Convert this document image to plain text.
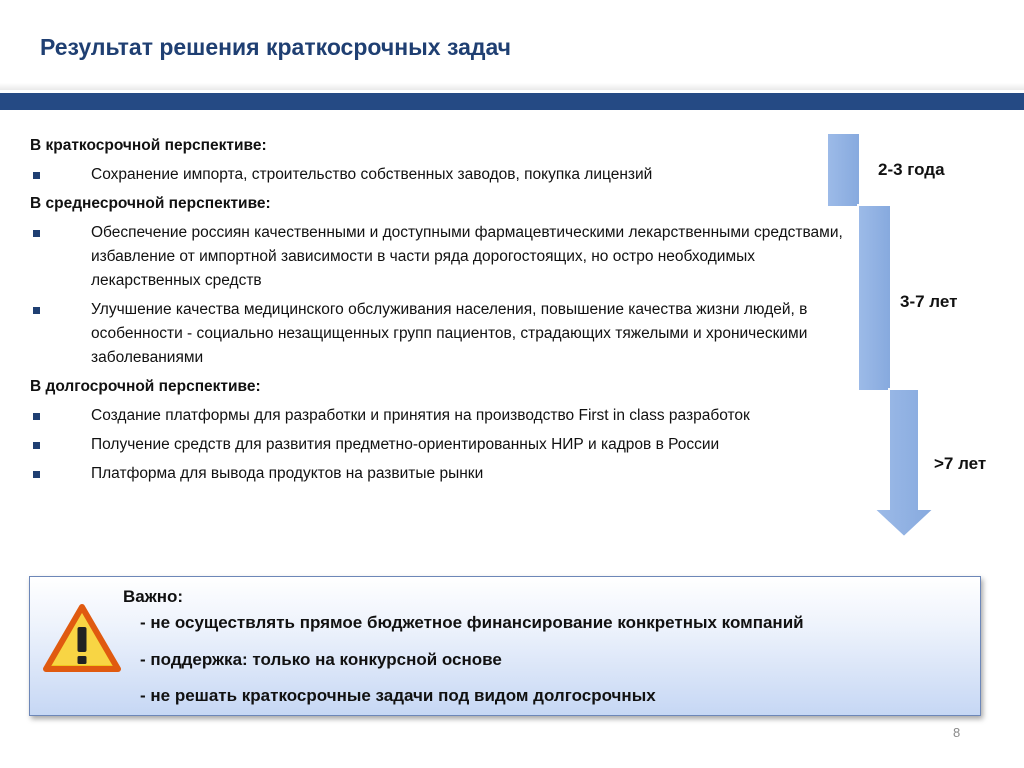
Результат решения краткосрочных задач
В краткосрочной перспективе:
Сохранение импорта, строительство собственных заводов, покупка лицензий
В среднесрочной перспективе:
Обеспечение россиян качественными и доступными фармацевтическими лекарственными средствами, избавление от импортной зависимости в части ряда дорогостоящих, но остро необходимых лекарственных средств
Улучшение качества медицинского обслуживания населения, повышение качества жизни людей, в особенности - социально незащищенных групп пациентов, страдающих тяжелыми и хроническими заболеваниями
В долгосрочной перспективе:
Создание платформы для разработки и принятия на производство First in class разработок
Получение средств для развития предметно-ориентированных НИР и кадров в России
Платформа для вывода продуктов на развитые рынки
2-3 года
3-7 лет
>7 лет
Важно:
- не осуществлять прямое бюджетное финансирование конкретных компаний
- поддержка: только на конкурсной основе
- не решать краткосрочные задачи под видом долгосрочных
8
